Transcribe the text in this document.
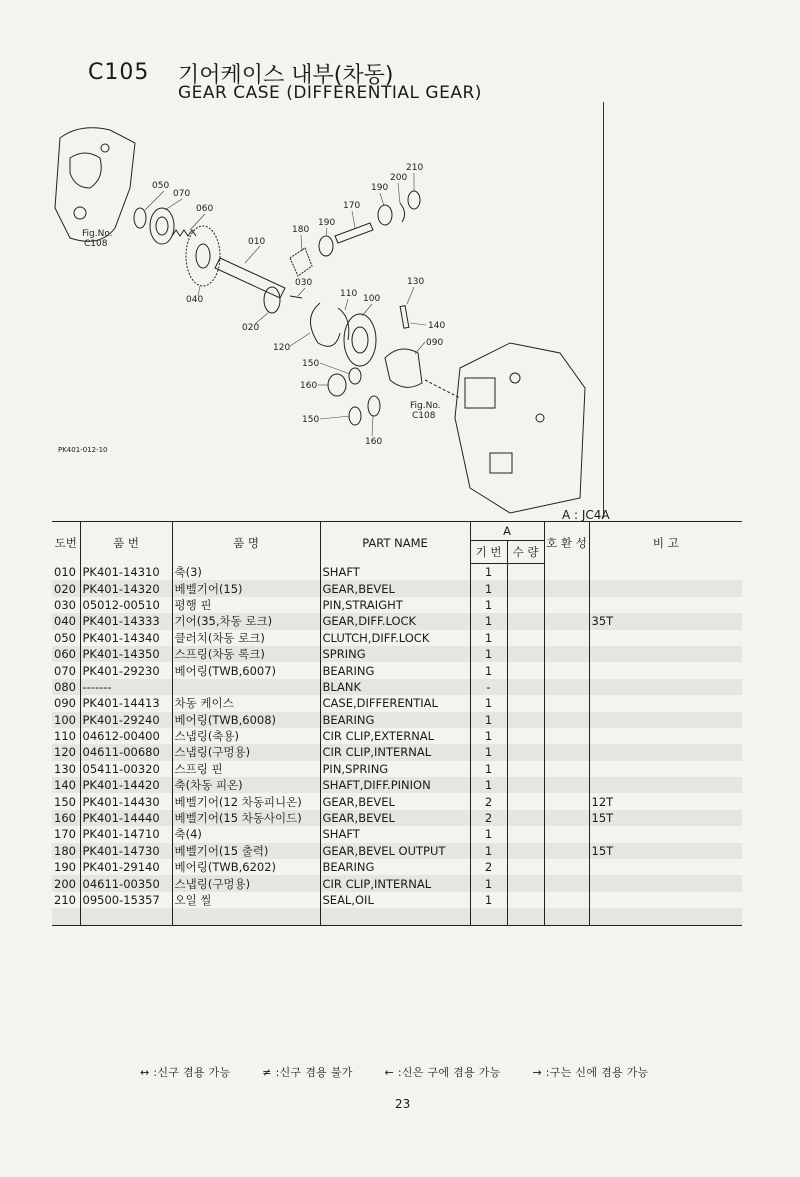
C105 기어케이스 내부(차동)
GEAR CASE (DIFFERENTIAL GEAR)
Fig.No.
C108
Fig.No.
C108
010
020
030
040
050
060
070
090
100
110
120
130
140
150
150
160
160
170
180
190
190
200
210
PK401-012-10
A : JC4A
도번	품 번	품 명	PART NAME	A		호 환 성	비 고
				기 번	수 량		
010	PK401-14310	축(3)	SHAFT	1			
020	PK401-14320	베벨기어(15)	GEAR,BEVEL	1			
030	05012-00510	평행 핀	PIN,STRAIGHT	1			
040	PK401-14333	기어(35,차동 로크)	GEAR,DIFF.LOCK	1			35T
050	PK401-14340	클러치(차동 로크)	CLUTCH,DIFF.LOCK	1			
060	PK401-14350	스프링(차동 록크)	SPRING	1			
070	PK401-29230	베어링(TWB,6007)	BEARING	1			
080	-------		BLANK	-			
090	PK401-14413	차동 케이스	CASE,DIFFERENTIAL	1			
100	PK401-29240	베어링(TWB,6008)	BEARING	1			
110	04612-00400	스냅링(축용)	CIR CLIP,EXTERNAL	1			
120	04611-00680	스냅링(구멍용)	CIR CLIP,INTERNAL	1			
130	05411-00320	스프링 핀	PIN,SPRING	1			
140	PK401-14420	축(차동 피온)	SHAFT,DIFF.PINION	1			
150	PK401-14430	베벨기어(12 차동피니온)	GEAR,BEVEL	2			12T
160	PK401-14440	베벨기어(15 차동사이드)	GEAR,BEVEL	2			15T
170	PK401-14710	축(4)	SHAFT	1			
180	PK401-14730	베벨기어(15 출력)	GEAR,BEVEL OUTPUT	1			15T
190	PK401-29140	베어링(TWB,6202)	BEARING	2			
200	04611-00350	스냅링(구멍용)	CIR CLIP,INTERNAL	1			
210	09500-15357	오일 씰	SEAL,OIL	1			

↔ :신구 겸용 가능	≠ :신구 겸용 불가	← :신은 구에 겸용 가능	→ :구는 신에 겸용 가능
23
